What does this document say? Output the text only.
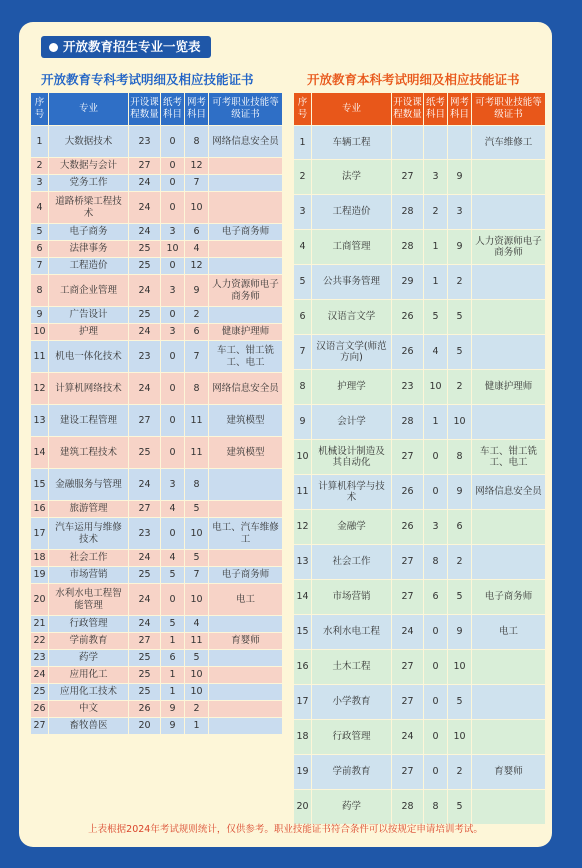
开放教育招生专业一览表
开放教育专科考试明细及相应技能证书	开放教育本科考试明细及相应技能证书
序号	专业	开设课程数量	纸考科目	网考科目	可考职业技能等级证书
1	大数据技术	23	0	8	网络信息安全员
2	大数据与会计	27	0	12	
3	党务工作	24	0	7	
4	道路桥梁工程技术	24	0	10	
5	电子商务	24	3	6	电子商务师
6	法律事务	25	10	4	
7	工程造价	25	0	12	
8	工商企业管理	24	3	9	人力资源师电子商务师
9	广告设计	25	0	2	
10	护理	24	3	6	健康护理师
11	机电一体化技术	23	0	7	车工、钳工铣工、电工
12	计算机网络技术	24	0	8	网络信息安全员
13	建设工程管理	27	0	11	建筑模型
14	建筑工程技术	25	0	11	建筑模型
15	金融服务与管理	24	3	8	
16	旅游管理	27	4	5	
17	汽车运用与维修技术	23	0	10	电工、汽车维修工
18	社会工作	24	4	5	
19	市场营销	25	5	7	电子商务师
20	水利水电工程智能管理	24	0	10	电工
21	行政管理	24	5	4	
22	学前教育	27	1	11	育婴师
23	药学	25	6	5	
24	应用化工	25	1	10	
25	应用化工技术	25	1	10	
26	中文	26	9	2	
27	畜牧兽医	20	9	1	
序号	专业	开设课程数量	纸考科目	网考科目	可考职业技能等级证书
1	车辆工程				汽车维修工
2	法学	27	3	9	
3	工程造价	28	2	3	
4	工商管理	28	1	9	人力资源师电子商务师
5	公共事务管理	29	1	2	
6	汉语言文学	26	5	5	
7	汉语言文学(师范方向)	26	4	5	
8	护理学	23	10	2	健康护理师
9	会计学	28	1	10	
10	机械设计制造及其自动化	27	0	8	车工、钳工铣工、电工
11	计算机科学与技术	26	0	9	网络信息安全员
12	金融学	26	3	6	
13	社会工作	27	8	2	
14	市场营销	27	6	5	电子商务师
15	水利水电工程	24	0	9	电工
16	土木工程	27	0	10	
17	小学教育	27	0	5	
18	行政管理	24	0	10	
19	学前教育	27	0	2	育婴师
20	药学	28	8	5	
上表根据2024年考试规则统计，仅供参考。职业技能证书符合条件可以按规定申请培训考试。
